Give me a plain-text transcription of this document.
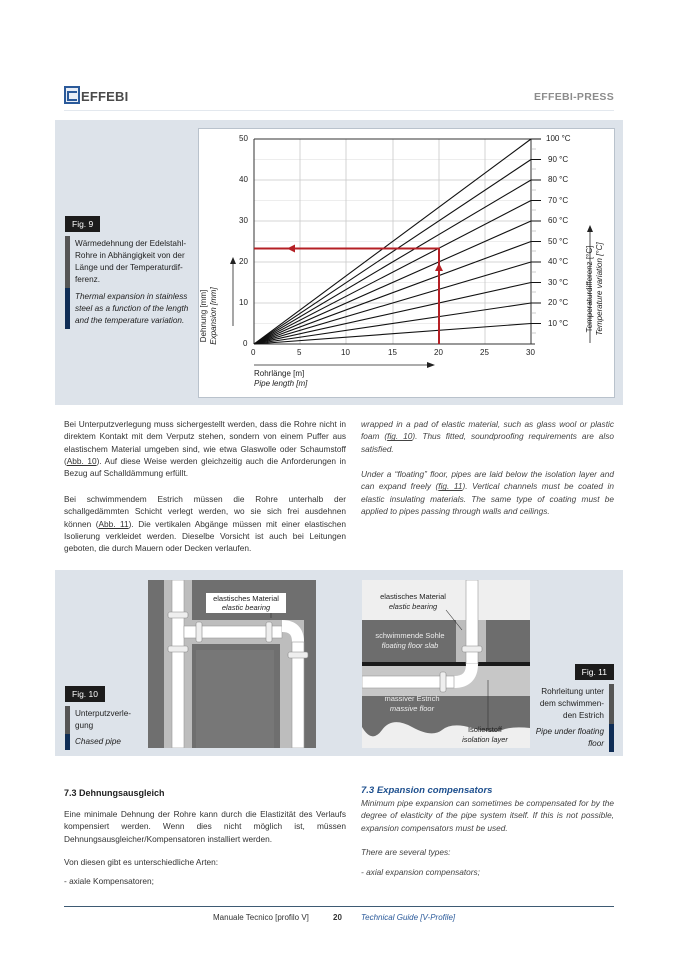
EFFEBI	EFFEBI-PRESS
Fig. 9
Wärmedehnung der Edelstahl-Rohre in Abhängigkeit von der Länge und der Temperaturdif-ferenz.
Thermal expansion in stainless steel as a function of the length and the temperature variation.
50
40
30
20
10
0
0	5	10	15	20	25	30
100 °C
90 °C
80 °C
70 °C
60 °C
50 °C
40 °C
30 °C
20 °C
10 °C
Rohrlänge [m]
Pipe length [m]
Dehnung [mm] Expansion [mm]	Temperaturdifferenz [°C] Temperature variation [°C]
Bei Unterputzverlegung muss sichergestellt werden, dass die Rohre nicht in direktem Kontakt mit dem Verputz stehen, sondern von einem Puffer aus elastischem Material umgeben sind, wie etwa Glaswolle oder Schaumstoff (Abb. 10). Auf diese Weise werden gleichzeitig auch die Anforderungen in Bezug auf Schalldämmung erfüllt.
Bei schwimmendem Estrich müssen die Rohre unterhalb der schallgedämmten Schicht verlegt werden, wo sie sich frei ausdehnen können (Abb. 11). Die vertikalen Abgänge müssen mit einer elastischen Isolierung verkleidet werden. Dieselbe Vorsicht ist auch bei Leitungen geboten, die durch Mauern oder Decken verlaufen.
wrapped in a pad of elastic material, such as glass wool or plastic foam (fig. 10). Thus fitted, soundproofing requirements are also satisfied.
Under a “floating” floor, pipes are laid below the isolation layer and can expand freely (fig. 11). Vertical channels must be coated in elastic insulating materials. The same type of coating must be applied to pipes passing through walls and ceilings.
elastisches Material
elastic bearing
Fig. 10
Unterputzverle-gung
Chased pipe
elastisches Material
elastic bearing
schwimmende Sohle
floating floor slab
massiver Estrich
massive floor
Isolierstoff
isolation layer
Fig. 11
Rohrleitung unter dem schwimmen-den Estrich
Pipe under floating floor
7.3 Dehnungsausgleich
Eine minimale Dehnung der Rohre kann durch die Elastizität des Verlaufs kompensiert werden. Wenn dies nicht möglich ist, müssen Dehnungsausgleicher/Kompensatoren installiert werden.
Von diesen gibt es unterschiedliche Arten:
- axiale Kompensatoren;
7.3 Expansion compensators
Minimum pipe expansion can sometimes be compensated for by the degree of elasticity of the pipe system itself. If this is not possible, expansion compensators must be used.
There are several types:
- axial expansion compensators;
Manuale Tecnico [profilo V]	20 Technical Guide [V-Profile]
